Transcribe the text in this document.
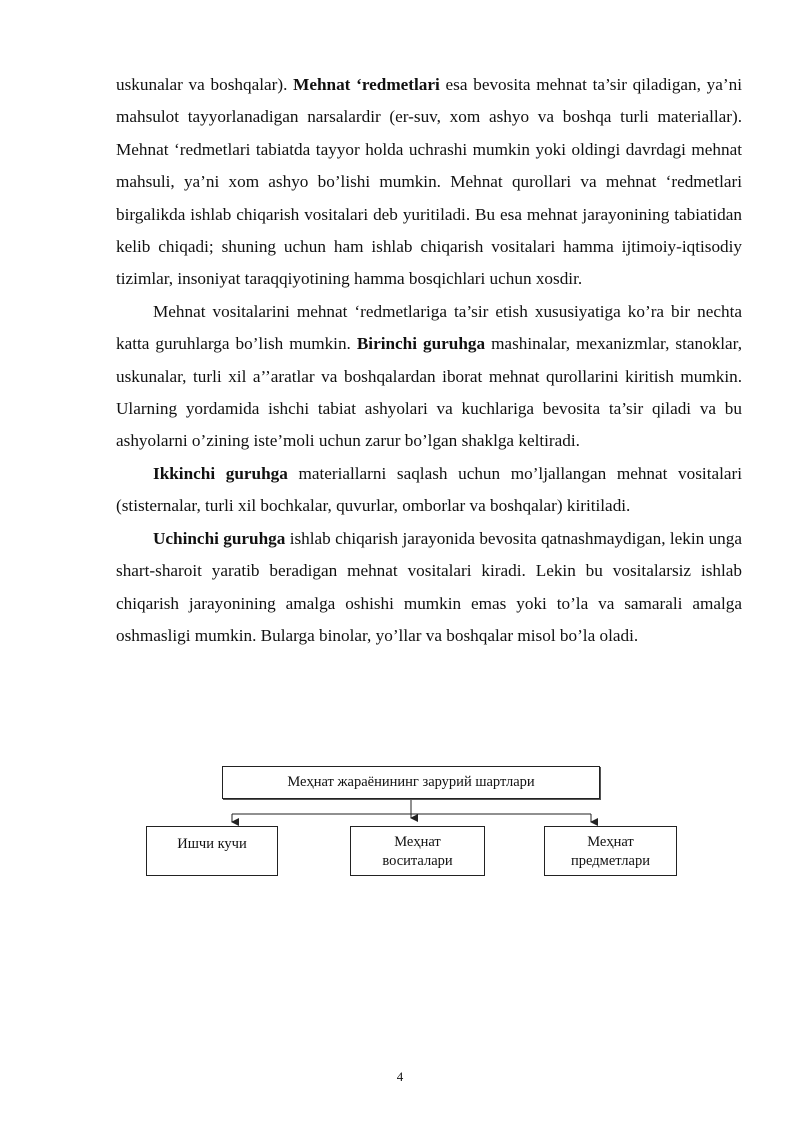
uskunalar va boshqalar). Mehnat ‘redmetlari esa bevosita mehnat ta’sir qiladigan, ya’ni mahsulot tayyorlanadigan narsalardir (er-suv, xom ashyo va boshqa turli materiallar). Mehnat ‘redmetlari tabiatda tayyor holda uchrashi mumkin yoki oldingi davrdagi mehnat mahsuli, ya’ni xom ashyo bo’lishi mumkin. Mehnat qurollari va mehnat ‘redmetlari birgalikda ishlab chiqarish vositalari deb yuritiladi. Bu esa mehnat jarayonining tabiatidan kelib chiqadi; shuning uchun ham ishlab chiqarish vositalari hamma ijtimoiy-iqtisodiy tizimlar, insoniyat taraqqiyotining hamma bosqichlari uchun xosdir.

Mehnat vositalarini mehnat ‘redmetlariga ta’sir etish xususiyatiga ko’ra bir nechta katta guruhlarga bo’lish mumkin. Birinchi guruhga mashinalar, mexanizmlar, stanoklar, uskunalar, turli xil a’’aratlar va boshqalardan iborat mehnat qurollarini kiritish mumkin. Ularning yordamida ishchi tabiat ashyolari va kuchlariga bevosita ta’sir qiladi va bu ashyolarni o’zining iste’moli uchun zarur bo’lgan shaklga keltiradi.

Ikkinchi guruhga materiallarni saqlash uchun mo’ljallangan mehnat vositalari (stisternalar, turli xil bochkalar, quvurlar, omborlar va boshqalar) kiritiladi.

Uchinchi guruhga ishlab chiqarish jarayonida bevosita qatnashmaydigan, lekin unga shart-sharoit yaratib beradigan mehnat vositalari kiradi. Lekin bu vositalarsiz ishlab chiqarish jarayonining amalga oshishi mumkin emas yoki to’la va samarali amalga oshmasligi mumkin. Bularga binolar, yo’llar va boshqalar misol bo’la oladi.

Меҳнат жараёнининг зарурий шартлари
Ишчи кучи	Меҳнат
воситалари
Меҳнат
предметлари
4
